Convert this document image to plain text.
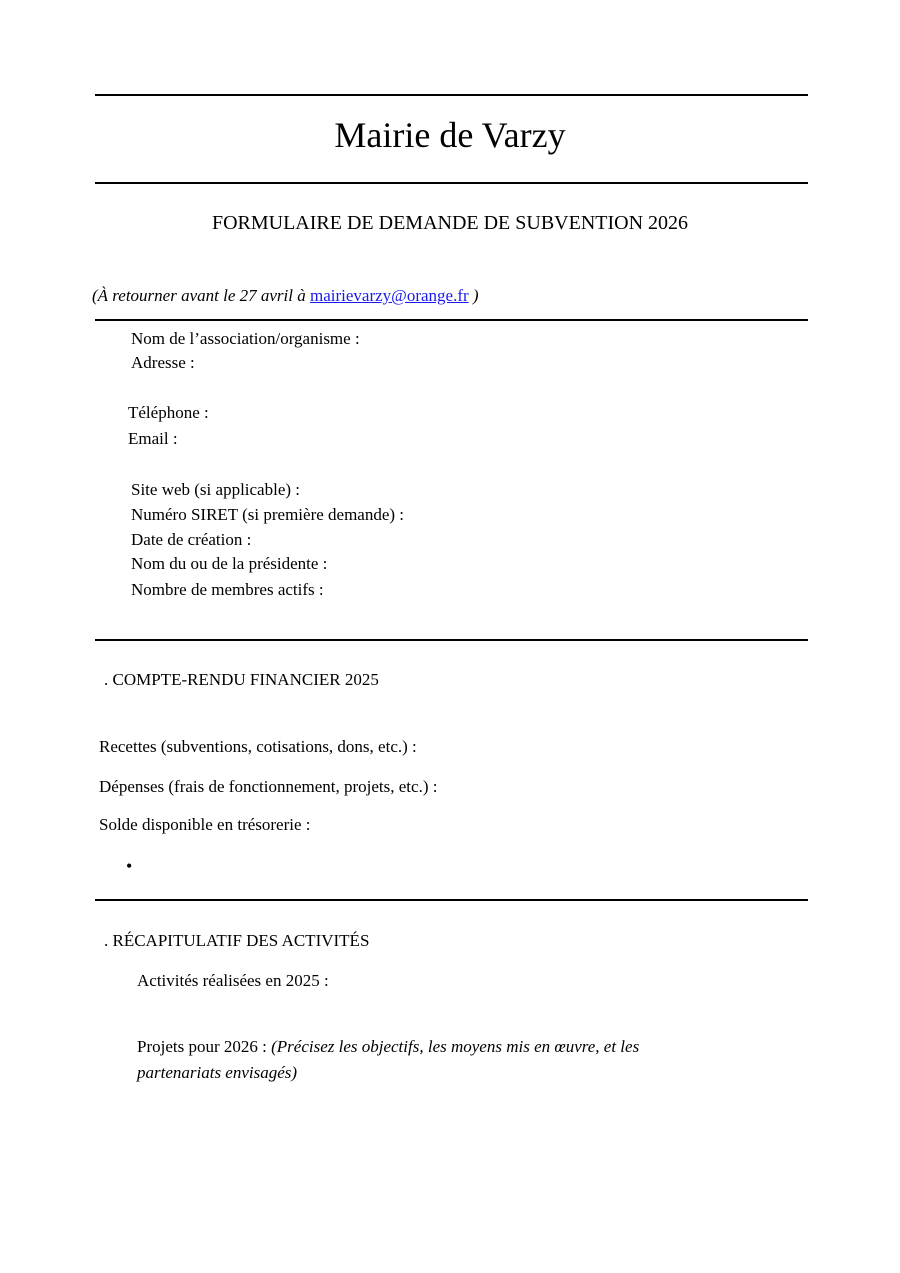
Mairie de Varzy
FORMULAIRE DE DEMANDE DE SUBVENTION 2026
(À retourner avant le 27 avril à mairievarzy@orange.fr )
Nom de l’association/organisme :
Adresse :
Téléphone :
Email :
Site web (si applicable) :
Numéro SIRET (si première demande) :
Date de création :
Nom du ou de la présidente :
Nombre de membres actifs :
. COMPTE-RENDU FINANCIER 2025
Recettes (subventions, cotisations, dons, etc.) :
Dépenses (frais de fonctionnement, projets, etc.) :
Solde disponible en trésorerie :
•
. RÉCAPITULATIF DES ACTIVITÉS
Activités réalisées en 2025 :
Projets pour 2026 : (Précisez les objectifs, les moyens mis en œuvre, et les
partenariats envisagés)
